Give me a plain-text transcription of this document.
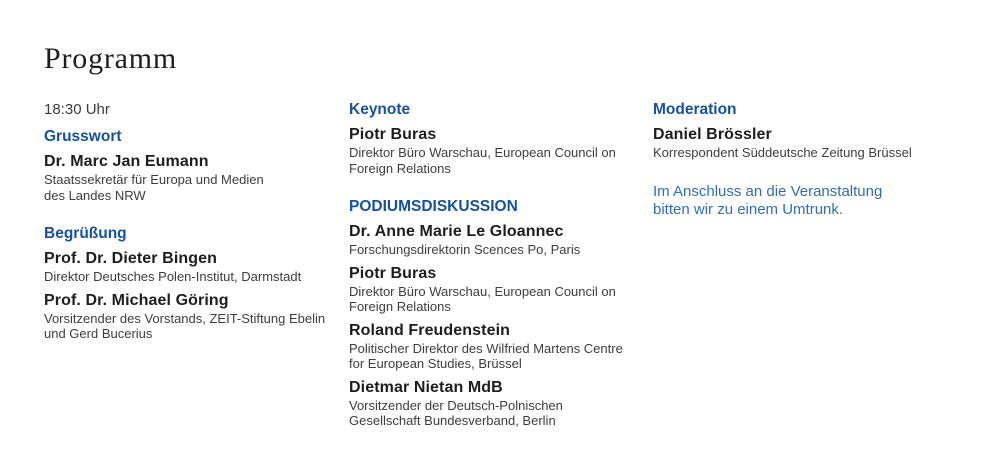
Programm
18:30 Uhr
Grusswort
Dr. Marc Jan Eumann
Staatssekretär für Europa und Medien
des Landes NRW
Begrüßung
Prof. Dr. Dieter Bingen
Direktor Deutsches Polen-Institut, Darmstadt
Prof. Dr. Michael Göring
Vorsitzender des Vorstands, ZEIT-Stiftung Ebelin
und Gerd Bucerius
Keynote
Piotr Buras
Direktor Büro Warschau, European Council on
Foreign Relations
PODIUMSDISKUSSION
Dr. Anne Marie Le Gloannec
Forschungsdirektorin Scences Po, Paris
Piotr Buras
Direktor Büro Warschau, European Council on
Foreign Relations
Roland Freudenstein
Politischer Direktor des Wilfried Martens Centre
for European Studies, Brüssel
Dietmar Nietan MdB
Vorsitzender der Deutsch-Polnischen
Gesellschaft Bundesverband, Berlin
Moderation
Daniel Brössler
Korrespondent Süddeutsche Zeitung Brüssel
Im Anschluss an die Veranstaltung
bitten wir zu einem Umtrunk.
